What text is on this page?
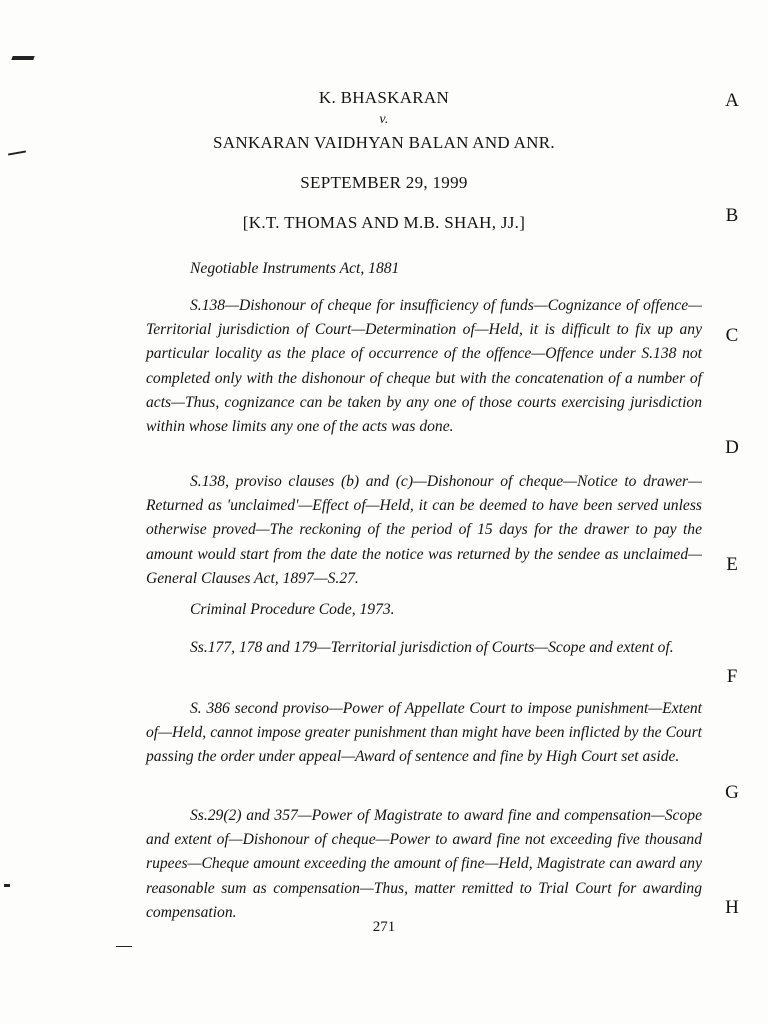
K. BHASKARAN
v.
SANKARAN VAIDHYAN BALAN AND ANR.
SEPTEMBER 29, 1999
[K.T. THOMAS AND M.B. SHAH, JJ.]
A
B
C
D
E
F
G
H
Negotiable Instruments Act, 1881
S.138—Dishonour of cheque for insufficiency of funds—Cognizance of offence—Territorial jurisdiction of Court—Determination of—Held, it is difficult to fix up any particular locality as the place of occurrence of the offence—Offence under S.138 not completed only with the dishonour of cheque but with the concatenation of a number of acts—Thus, cognizance can be taken by any one of those courts exercising jurisdiction within whose limits any one of the acts was done.
S.138, proviso clauses (b) and (c)—Dishonour of cheque—Notice to drawer—Returned as 'unclaimed'—Effect of—Held, it can be deemed to have been served unless otherwise proved—The reckoning of the period of 15 days for the drawer to pay the amount would start from the date the notice was returned by the sendee as unclaimed—General Clauses Act, 1897—S.27.
Criminal Procedure Code, 1973.
Ss.177, 178 and 179—Territorial jurisdiction of Courts—Scope and extent of.
S. 386 second proviso—Power of Appellate Court to impose punishment—Extent of—Held, cannot impose greater punishment than might have been inflicted by the Court passing the order under appeal—Award of sentence and fine by High Court set aside.
Ss.29(2) and 357—Power of Magistrate to award fine and compensation—Scope and extent of—Dishonour of cheque—Power to award fine not exceeding five thousand rupees—Cheque amount exceeding the amount of fine—Held, Magistrate can award any reasonable sum as compensation—Thus, matter remitted to Trial Court for awarding compensation.
271
